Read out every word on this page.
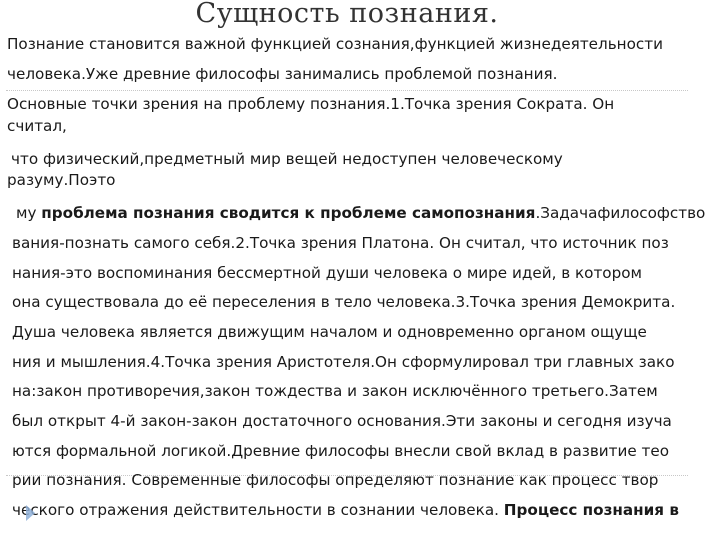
Сущность познания.
Познание становится важной функцией сознания,функцией жизнедеятельности
человека.Уже древние философы занимались проблемой познания.
Основные точки зрения на проблему познания.1.Точка зрения Сократа. Он
считал,
что физический,предметный мир вещей недоступен человеческому
разуму.Поэто
му проблема познания сводится к проблеме самопознания.Задачафилософство
вания-познать самого себя.2.Точка зрения Платона. Он считал, что источник поз
нания-это воспоминания бессмертной души человека о мире идей, в котором
она существовала до её переселения в тело человека.3.Точка зрения Демокрита.
Душа человека является движущим началом и одновременно органом ощуще
ния и мышления.4.Точка зрения Аристотеля.Он сформулировал три главных зако
на:закон противоречия,закон тождества и закон исключённого третьего.Затем
был открыт 4-й закон-закон достаточного основания.Эти законы и сегодня изуча
ются формальной логикой.Древние философы внесли свой вклад в развитие тео
рии познания. Современные философы определяют познание как процесс твор
ческого отражения действительности в сознании человека. Процесс познания в
